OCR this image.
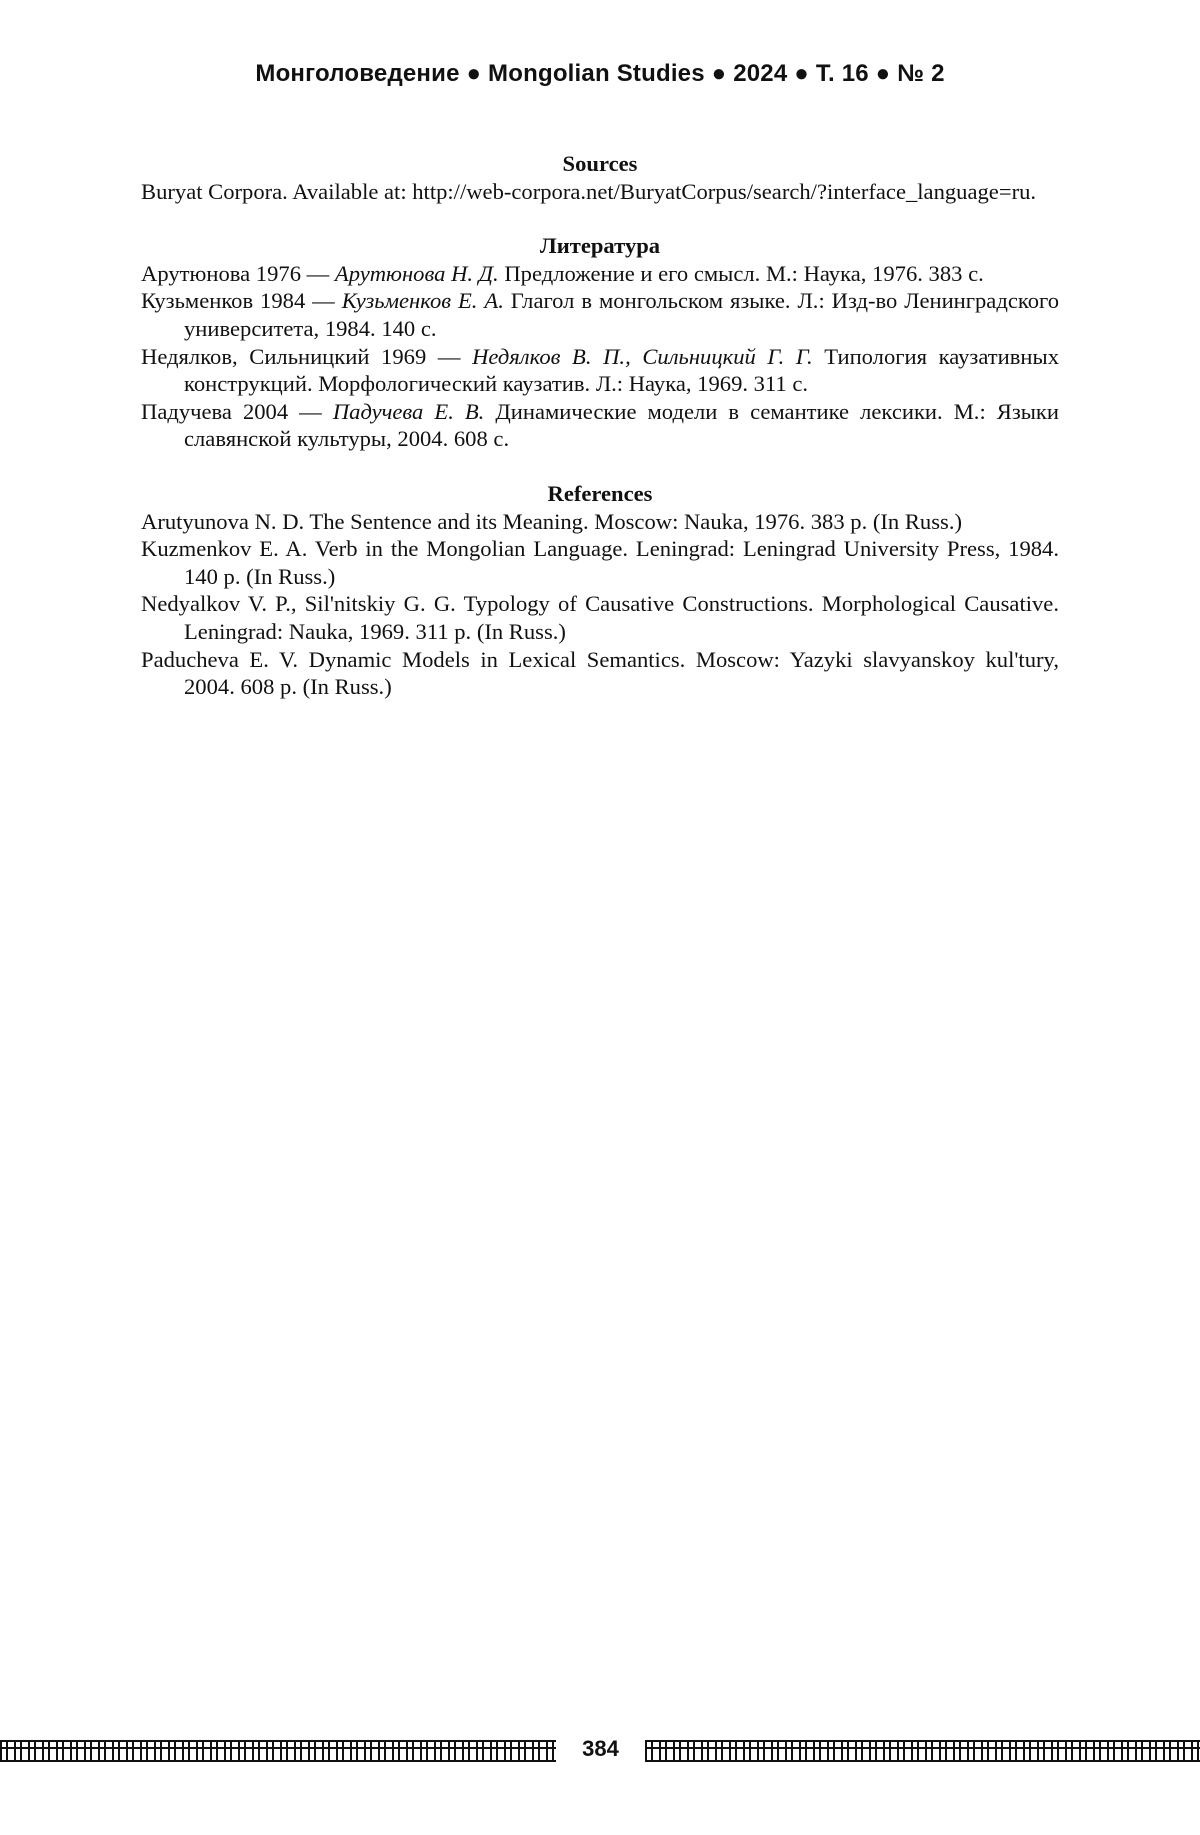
Монголоведение ● Mongolian Studies ● 2024 ● Т. 16 ● № 2

Sources

Buryat Corpora. Available at: http://web-corpora.net/BuryatCorpus/search/?interface_language=ru.

Литература

Арутюнова 1976 — Арутюнова Н. Д. Предложение и его смысл. М.: Наука, 1976. 383 с.

Кузьменков 1984 — Кузьменков Е. А. Глагол в монгольском языке. Л.: Изд-во Ленинградского университета, 1984. 140 с.

Недялков, Сильницкий 1969 — Недялков В. П., Сильницкий Г. Г. Типология каузативных конструкций. Морфологический каузатив. Л.: Наука, 1969. 311 с.

Падучева 2004 — Падучева Е. В. Динамические модели в семантике лексики. М.: Языки славянской культуры, 2004. 608 с.

References

Arutyunova N. D. The Sentence and its Meaning. Moscow: Nauka, 1976. 383 p. (In Russ.)

Kuzmenkov E. A. Verb in the Mongolian Language. Leningrad: Leningrad University Press, 1984. 140 p. (In Russ.)

Nedyalkov V. P., Sil'nitskiy G. G. Typology of Causative Constructions. Morphological Causative. Leningrad: Nauka, 1969. 311 p. (In Russ.)

Paducheva E. V. Dynamic Models in Lexical Semantics. Moscow: Yazyki slavyanskoy kul'tury, 2004. 608 p. (In Russ.)

384
